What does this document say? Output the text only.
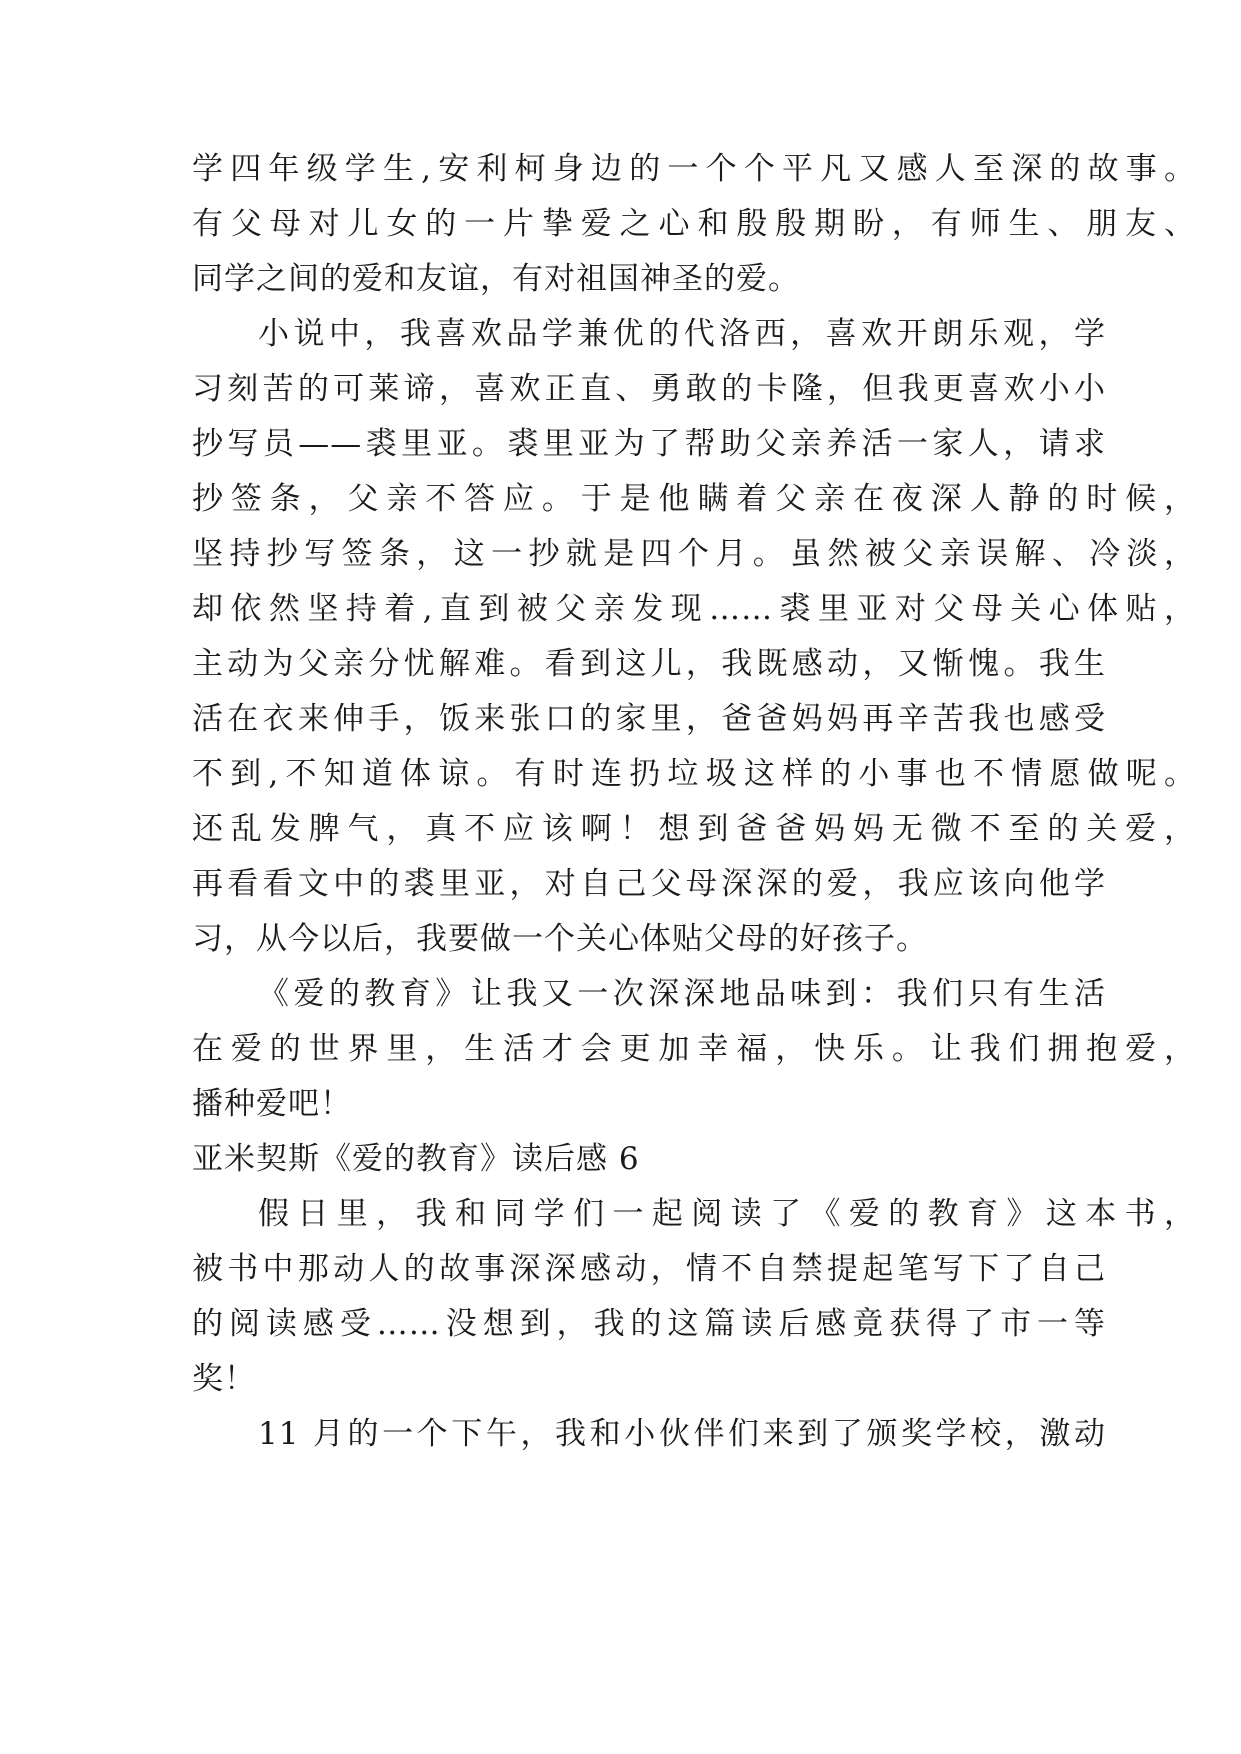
学四年级学生,安利柯身边的一个个平凡又感人至深的故事。
有父母对儿女的一片挚爱之心和殷殷期盼，有师生、朋友、
同学之间的爱和友谊，有对祖国神圣的爱。
小说中，我喜欢品学兼优的代洛西，喜欢开朗乐观，学
习刻苦的可莱谛，喜欢正直、勇敢的卡隆，但我更喜欢小小
抄写员——裘里亚。裘里亚为了帮助父亲养活一家人，请求
抄签条，父亲不答应。于是他瞒着父亲在夜深人静的时候，
坚持抄写签条，这一抄就是四个月。虽然被父亲误解、冷淡，
却依然坚持着,直到被父亲发现……裘里亚对父母关心体贴，
主动为父亲分忧解难。看到这儿，我既感动，又惭愧。我生
活在衣来伸手，饭来张口的家里，爸爸妈妈再辛苦我也感受
不到,不知道体谅。有时连扔垃圾这样的小事也不情愿做呢。
还乱发脾气，真不应该啊！想到爸爸妈妈无微不至的关爱，
再看看文中的裘里亚，对自己父母深深的爱，我应该向他学
习，从今以后，我要做一个关心体贴父母的好孩子。
《爱的教育》让我又一次深深地品味到：我们只有生活
在爱的世界里，生活才会更加幸福，快乐。让我们拥抱爱，
播种爱吧！
亚米契斯《爱的教育》读后感 6
假日里，我和同学们一起阅读了《爱的教育》这本书，
被书中那动人的故事深深感动，情不自禁提起笔写下了自己
的阅读感受……没想到，我的这篇读后感竟获得了市一等
奖！
11 月的一个下午，我和小伙伴们来到了颁奖学校，激动
